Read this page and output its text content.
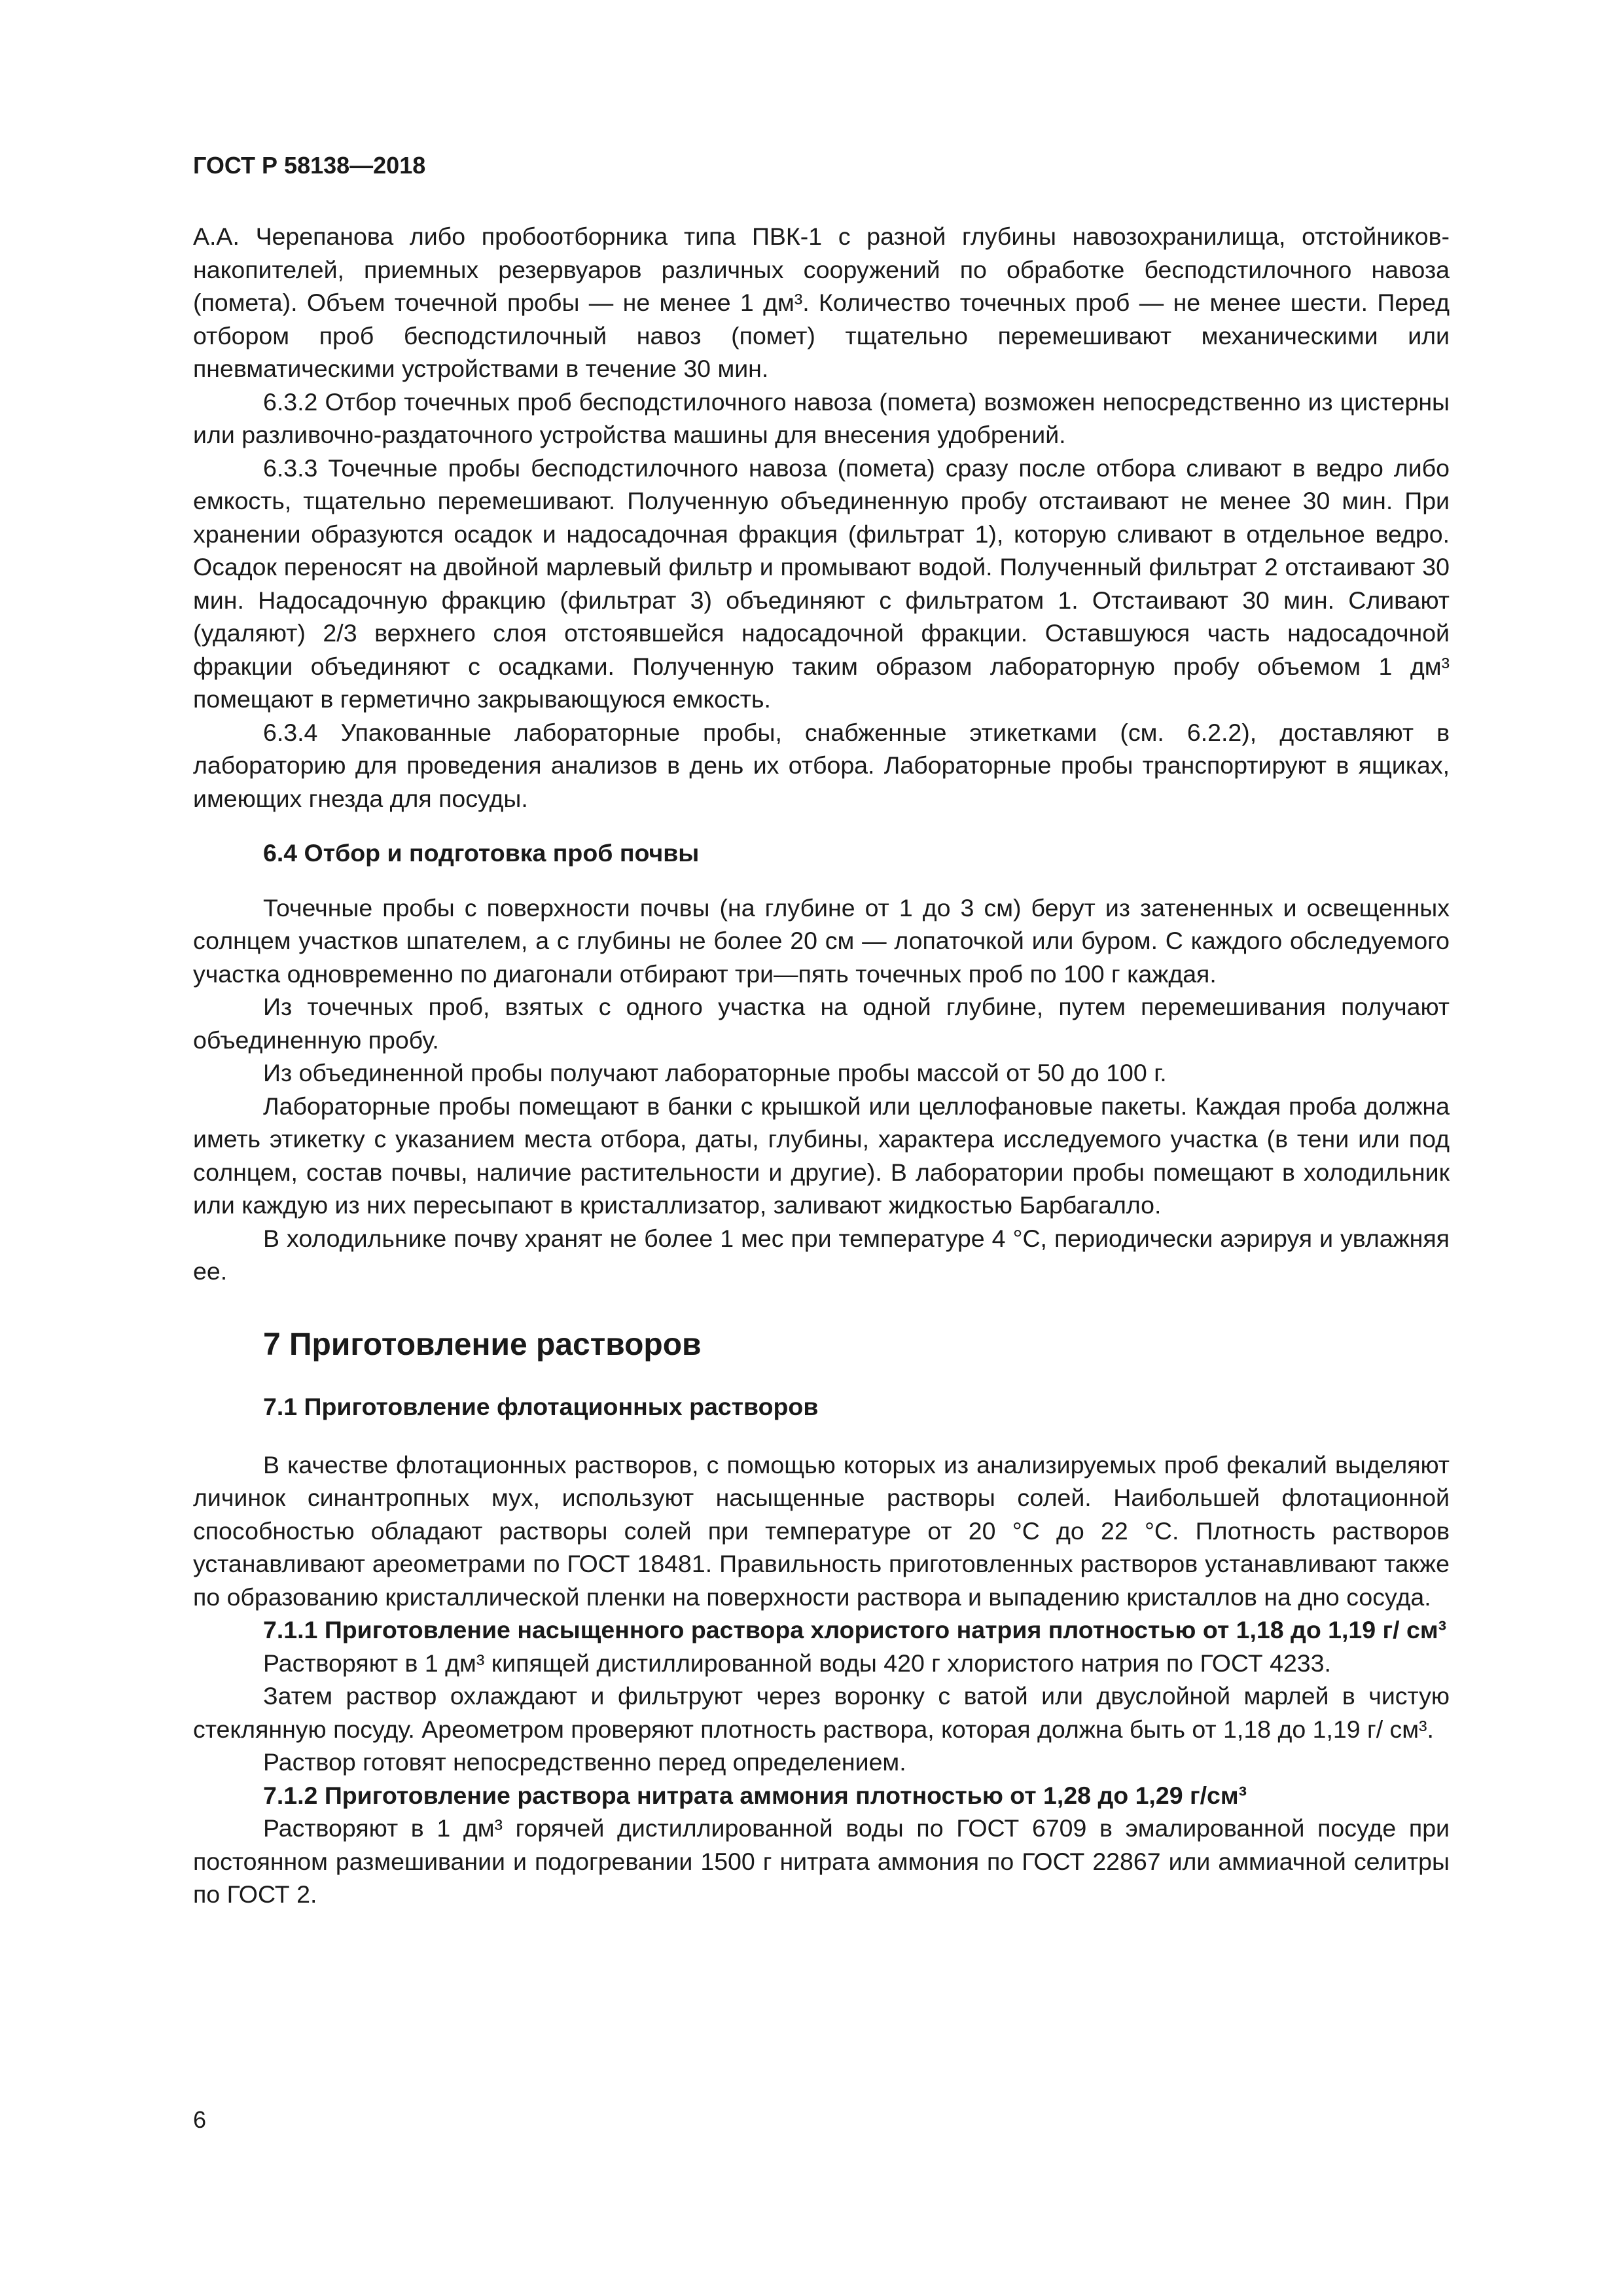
ГОСТ Р 58138—2018

А.А. Черепанова либо пробоотборника типа ПВК-1 с разной глубины навозохранилища, отстойников-накопителей, приемных резервуаров различных сооружений по обработке бесподстилочного навоза (помета). Объем точечной пробы — не менее 1 дм³. Количество точечных проб — не менее шести. Перед отбором проб бесподстилочный навоз (помет) тщательно перемешивают механическими или пневматическими устройствами в течение 30 мин.

6.3.2 Отбор точечных проб бесподстилочного навоза (помета) возможен непосредственно из цистерны или разливочно-раздаточного устройства машины для внесения удобрений.

6.3.3 Точечные пробы бесподстилочного навоза (помета) сразу после отбора сливают в ведро либо емкость, тщательно перемешивают. Полученную объединенную пробу отстаивают не менее 30 мин. При хранении образуются осадок и надосадочная фракция (фильтрат 1), которую сливают в отдельное ведро. Осадок переносят на двойной марлевый фильтр и промывают водой. Полученный фильтрат 2 отстаивают 30 мин. Надосадочную фракцию (фильтрат 3) объединяют с фильтратом 1. Отстаивают 30 мин. Сливают (удаляют) 2/3 верхнего слоя отстоявшейся надосадочной фракции. Оставшуюся часть надосадочной фракции объединяют с осадками. Полученную таким образом лабораторную пробу объемом 1 дм³ помещают в герметично закрывающуюся емкость.

6.3.4 Упакованные лабораторные пробы, снабженные этикетками (см. 6.2.2), доставляют в лабораторию для проведения анализов в день их отбора. Лабораторные пробы транспортируют в ящиках, имеющих гнезда для посуды.

6.4 Отбор и подготовка проб почвы

Точечные пробы с поверхности почвы (на глубине от 1 до 3 см) берут из затененных и освещенных солнцем участков шпателем, а с глубины не более 20 см — лопаточкой или буром. С каждого обследуемого участка одновременно по диагонали отбирают три—пять точечных проб по 100 г каждая.

Из точечных проб, взятых с одного участка на одной глубине, путем перемешивания получают объединенную пробу.

Из объединенной пробы получают лабораторные пробы массой от 50 до 100 г.

Лабораторные пробы помещают в банки с крышкой или целлофановые пакеты. Каждая проба должна иметь этикетку с указанием места отбора, даты, глубины, характера исследуемого участка (в тени или под солнцем, состав почвы, наличие растительности и другие). В лаборатории пробы помещают в холодильник или каждую из них пересыпают в кристаллизатор, заливают жидкостью Барбагалло.

В холодильнике почву хранят не более 1 мес при температуре 4 °С, периодически аэрируя и увлажняя ее.

7 Приготовление растворов
7.1 Приготовление флотационных растворов

В качестве флотационных растворов, с помощью которых из анализируемых проб фекалий выделяют личинок синантропных мух, используют насыщенные растворы солей. Наибольшей флотационной способностью обладают растворы солей при температуре от 20 °С до 22 °С. Плотность растворов устанавливают ареометрами по ГОСТ 18481. Правильность приготовленных растворов устанавливают также по образованию кристаллической пленки на поверхности раствора и выпадению кристаллов на дно сосуда.

7.1.1 Приготовление насыщенного раствора хлористого натрия плотностью от 1,18 до 1,19 г/ см³

Растворяют в 1 дм³ кипящей дистиллированной воды 420 г хлористого натрия по ГОСТ 4233.

Затем раствор охлаждают и фильтруют через воронку с ватой или двуслойной марлей в чистую стеклянную посуду. Ареометром проверяют плотность раствора, которая должна быть от 1,18 до 1,19 г/ см³.

Раствор готовят непосредственно перед определением.

7.1.2 Приготовление раствора нитрата аммония плотностью от 1,28 до 1,29 г/см³

Растворяют в 1 дм³ горячей дистиллированной воды по ГОСТ 6709 в эмалированной посуде при постоянном размешивании и подогревании 1500 г нитрата аммония по ГОСТ 22867 или аммиачной селитры по ГОСТ 2.

6
